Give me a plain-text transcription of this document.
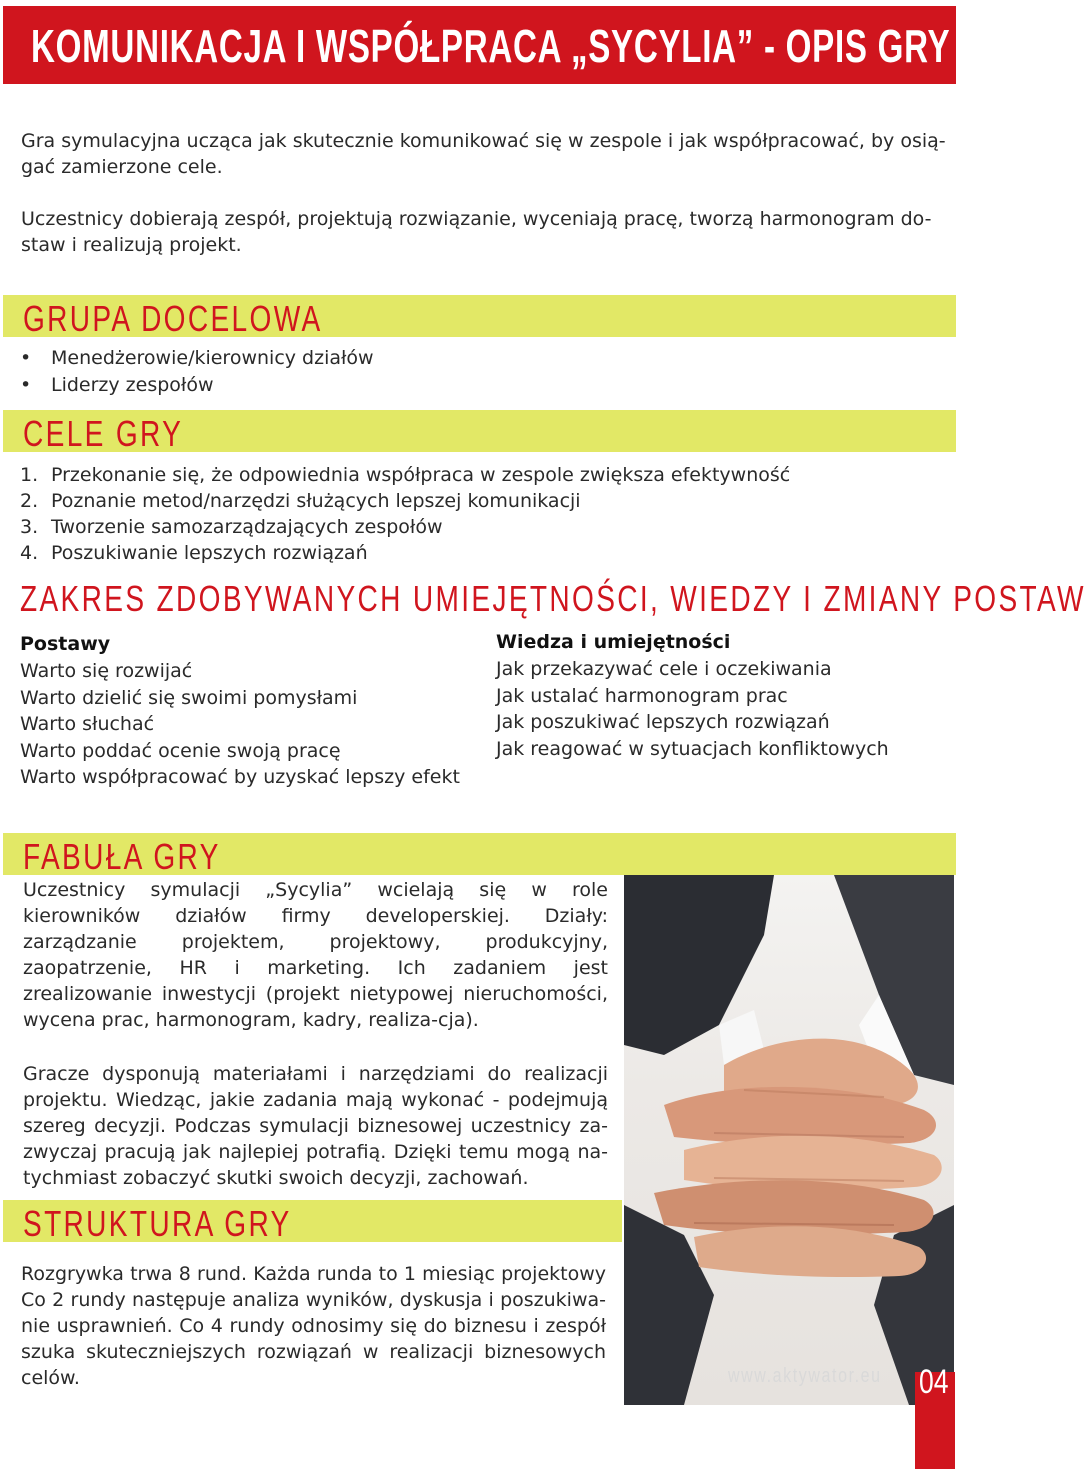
KOMUNIKACJA I WSPÓŁPRACA „SYCYLIA” - OPIS GRY

Gra symulacyjna ucząca jak skutecznie komunikować się w zespole i jak współpracować, by osią-

gać zamierzone cele.

Uczestnicy dobierają zespół, projektują rozwiązanie, wyceniają pracę, tworzą harmonogram do-

staw i realizują projekt.

GRUPA DOCELOWA
• Menedżerowie/kierownicy działów
• Liderzy zespołów
CELE GRY
1. Przekonanie się, że odpowiednia współpraca w zespole zwiększa efektywność
2. Poznanie metod/narzędzi służących lepszej komunikacji
3. Tworzenie samozarządzających zespołów
4. Poszukiwanie lepszych rozwiązań
ZAKRES ZDOBYWANYCH UMIEJĘTNOŚCI, WIEDZY I ZMIANY POSTAW
Postawy
Warto się rozwijać
Warto dzielić się swoimi pomysłami
Warto słuchać
Warto poddać ocenie swoją pracę
Warto współpracować by uzyskać lepszy efekt
Wiedza i umiejętności
Jak przekazywać cele i oczekiwania
Jak ustalać harmonogram prac
Jak poszukiwać lepszych rozwiązań
Jak reagować w sytuacjach konfliktowych
FABUŁA GRY

Uczestnicy symulacji „Sycylia” wcielają się w role kierowników działów firmy developerskiej. Działy: zarządzanie projektem, projektowy, produkcyjny, zaopatrzenie, HR i marketing. Ich zadaniem jest zrealizowanie inwestycji (projekt nietypowej nieruchomości, wycena prac, harmonogram, kadry, realiza-cja).

Gracze dysponują materiałami i narzędziami do realizacji projektu. Wiedząc, jakie zadania mają wykonać - podejmują szereg decyzji. Podczas symulacji biznesowej uczestnicy za-zwyczaj pracują jak najlepiej potrafią. Dzięki temu mogą na-tychmiast zobaczyć skutki swoich decyzji, zachowań.

STRUKTURA GRY

Rozgrywka trwa 8 rund. Każda runda to 1 miesiąc projektowy Co 2 rundy następuje analiza wyników, dyskusja i poszukiwa-nie usprawnień. Co 4 rundy odnosimy się do biznesu i zespół szuka skuteczniejszych rozwiązań w realizacji biznesowych celów.	www.aktywator.eu 04
